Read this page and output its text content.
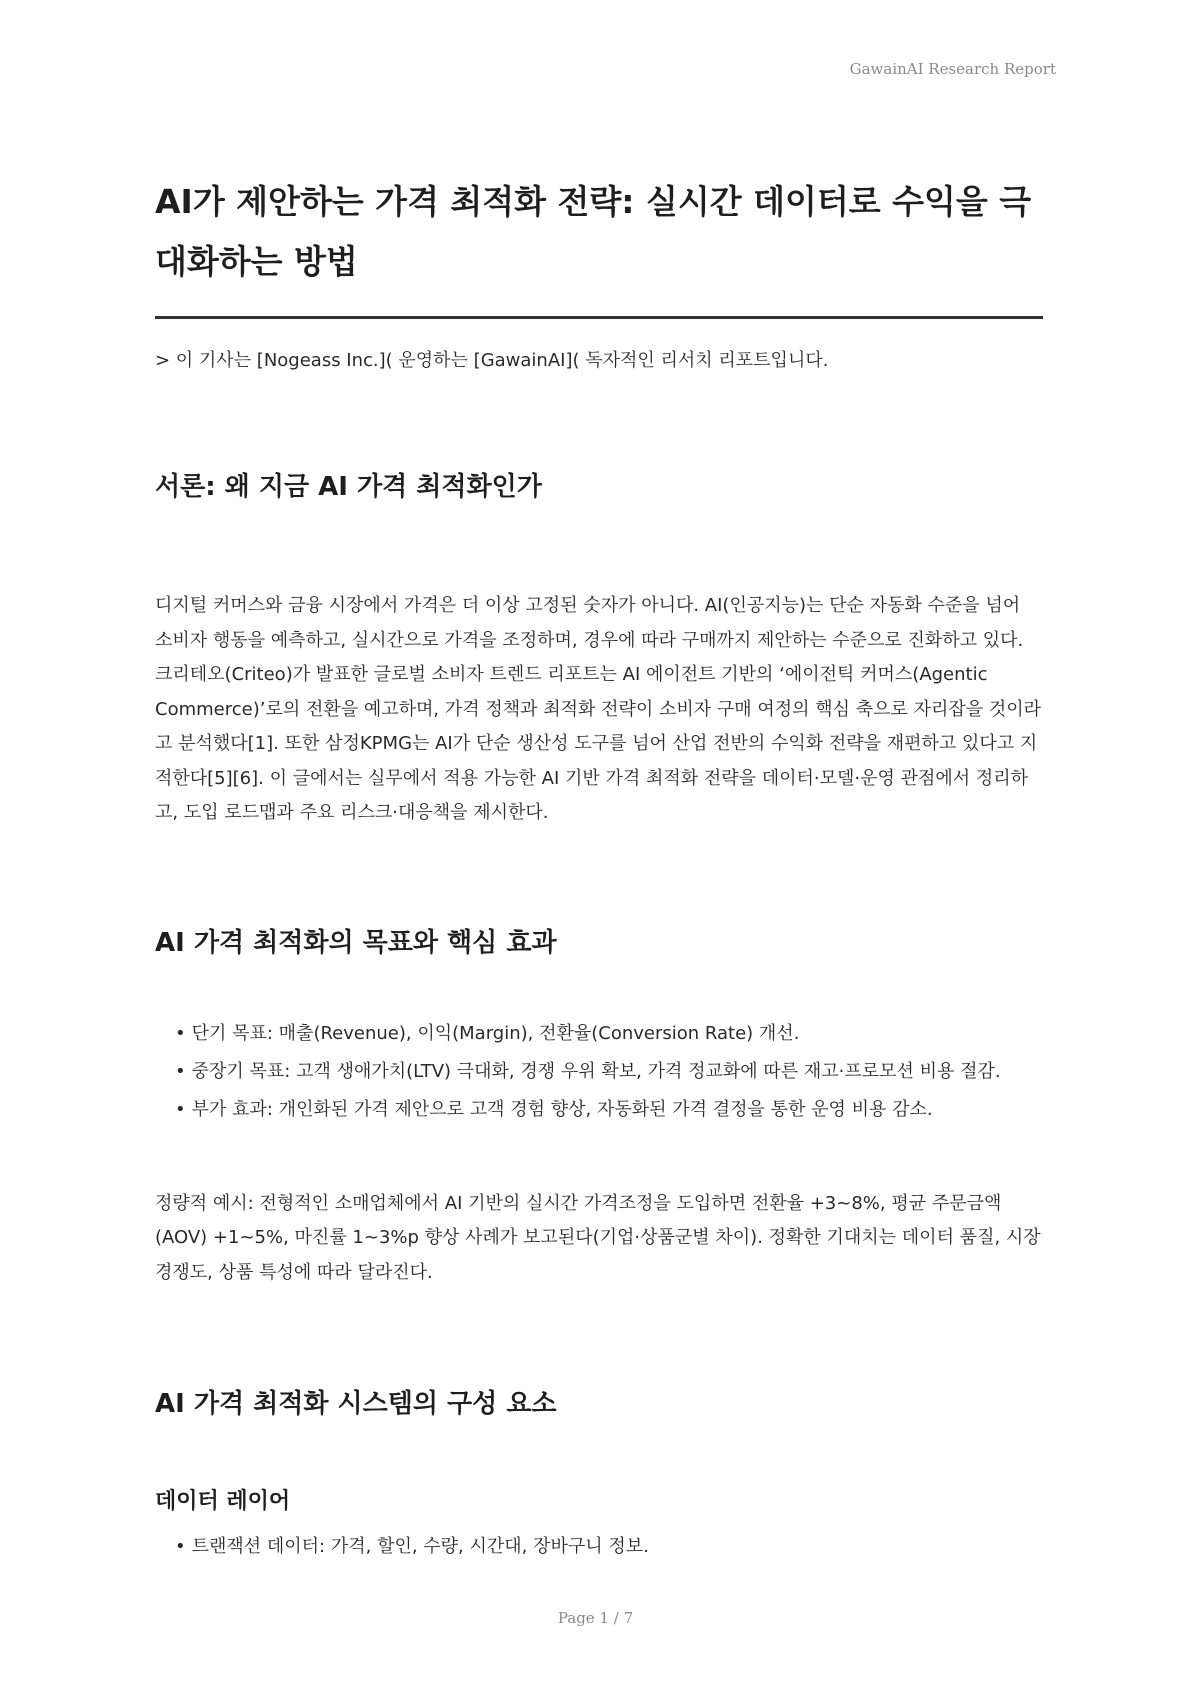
GawainAI Research Report
AI가 제안하는 가격 최적화 전략: 실시간 데이터로 수익을 극대화하는 방법

> 이 기사는 [Nogeass Inc.]( 운영하는 [GawainAI]( 독자적인 리서치 리포트입니다.

서론: 왜 지금 AI 가격 최적화인가

디지털 커머스와 금융 시장에서 가격은 더 이상 고정된 숫자가 아니다. AI(인공지능)는 단순 자동화 수준을 넘어 소비자 행동을 예측하고, 실시간으로 가격을 조정하며, 경우에 따라 구매까지 제안하는 수준으로 진화하고 있다. 크리테오(Criteo)가 발표한 글로벌 소비자 트렌드 리포트는 AI 에이전트 기반의 ‘에이전틱 커머스(Agentic Commerce)’로의 전환을 예고하며, 가격 정책과 최적화 전략이 소비자 구매 여정의 핵심 축으로 자리잡을 것이라고 분석했다[1]. 또한 삼정KPMG는 AI가 단순 생산성 도구를 넘어 산업 전반의 수익화 전략을 재편하고 있다고 지적한다[5][6]. 이 글에서는 실무에서 적용 가능한 AI 기반 가격 최적화 전략을 데이터·모델·운영 관점에서 정리하고, 도입 로드맵과 주요 리스크·대응책을 제시한다.

AI 가격 최적화의 목표와 핵심 효과
• 단기 목표: 매출(Revenue), 이익(Margin), 전환율(Conversion Rate) 개선.
• 중장기 목표: 고객 생애가치(LTV) 극대화, 경쟁 우위 확보, 가격 정교화에 따른 재고·프로모션 비용 절감.
• 부가 효과: 개인화된 가격 제안으로 고객 경험 향상, 자동화된 가격 결정을 통한 운영 비용 감소.

정량적 예시: 전형적인 소매업체에서 AI 기반의 실시간 가격조정을 도입하면 전환율 +3~8%, 평균 주문금액(AOV) +1~5%, 마진률 1~3%p 향상 사례가 보고된다(기업·상품군별 차이). 정확한 기대치는 데이터 품질, 시장 경쟁도, 상품 특성에 따라 달라진다.

AI 가격 최적화 시스템의 구성 요소
데이터 레이어
• 트랜잭션 데이터: 가격, 할인, 수량, 시간대, 장바구니 정보.
Page 1 / 7
